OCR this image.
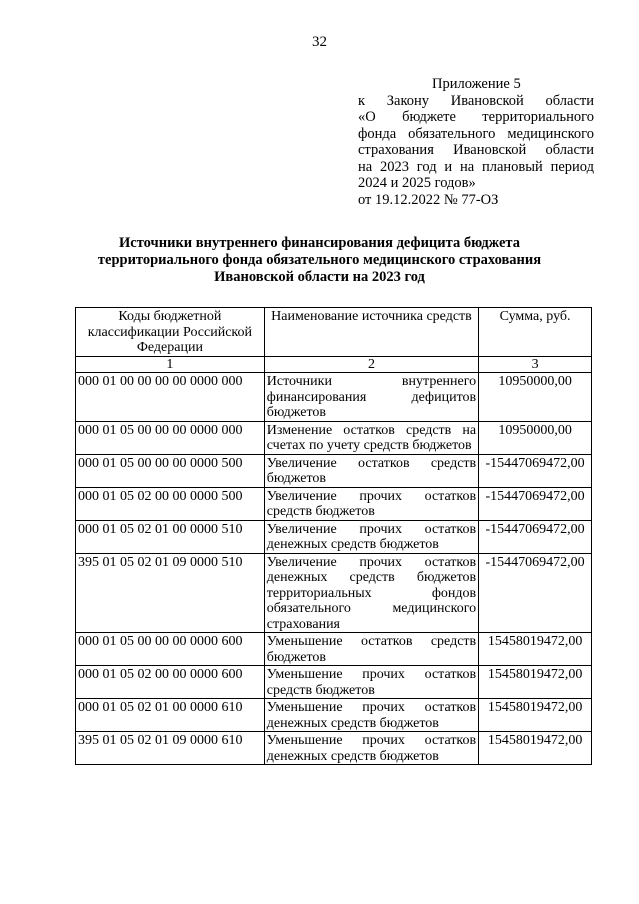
32
Приложение 5
к Закону Ивановской области
«О бюджете территориального
фонда обязательного медицинского
страхования Ивановской области
на 2023 год и на плановый период
2024 и 2025 годов»
от 19.12.2022 № 77-ОЗ
Источники внутреннего финансирования дефицита бюджета
территориального фонда обязательного медицинского страхования
Ивановской области на 2023 год
Коды бюджетной классификации Российской Федерации	Наименование источника средств	Сумма, руб.
1	2	3
000 01 00 00 00 00 0000 000	Источники внутреннего финансирования дефицитов бюджетов	10950000,00
000 01 05 00 00 00 0000 000	Изменение остатков средств на счетах по учету средств бюджетов	10950000,00
000 01 05 00 00 00 0000 500	Увеличение остатков средств бюджетов	-15447069472,00
000 01 05 02 00 00 0000 500	Увеличение прочих остатков средств бюджетов	-15447069472,00
000 01 05 02 01 00 0000 510	Увеличение прочих остатков денежных средств бюджетов	-15447069472,00
395 01 05 02 01 09 0000 510	Увеличение прочих остатков денежных средств бюджетов территориальных фондов обязательного медицинского страхования	-15447069472,00
000 01 05 00 00 00 0000 600	Уменьшение остатков средств бюджетов	15458019472,00
000 01 05 02 00 00 0000 600	Уменьшение прочих остатков средств бюджетов	15458019472,00
000 01 05 02 01 00 0000 610	Уменьшение прочих остатков денежных средств бюджетов	15458019472,00
395 01 05 02 01 09 0000 610	Уменьшение прочих остатков денежных средств бюджетов	15458019472,00
